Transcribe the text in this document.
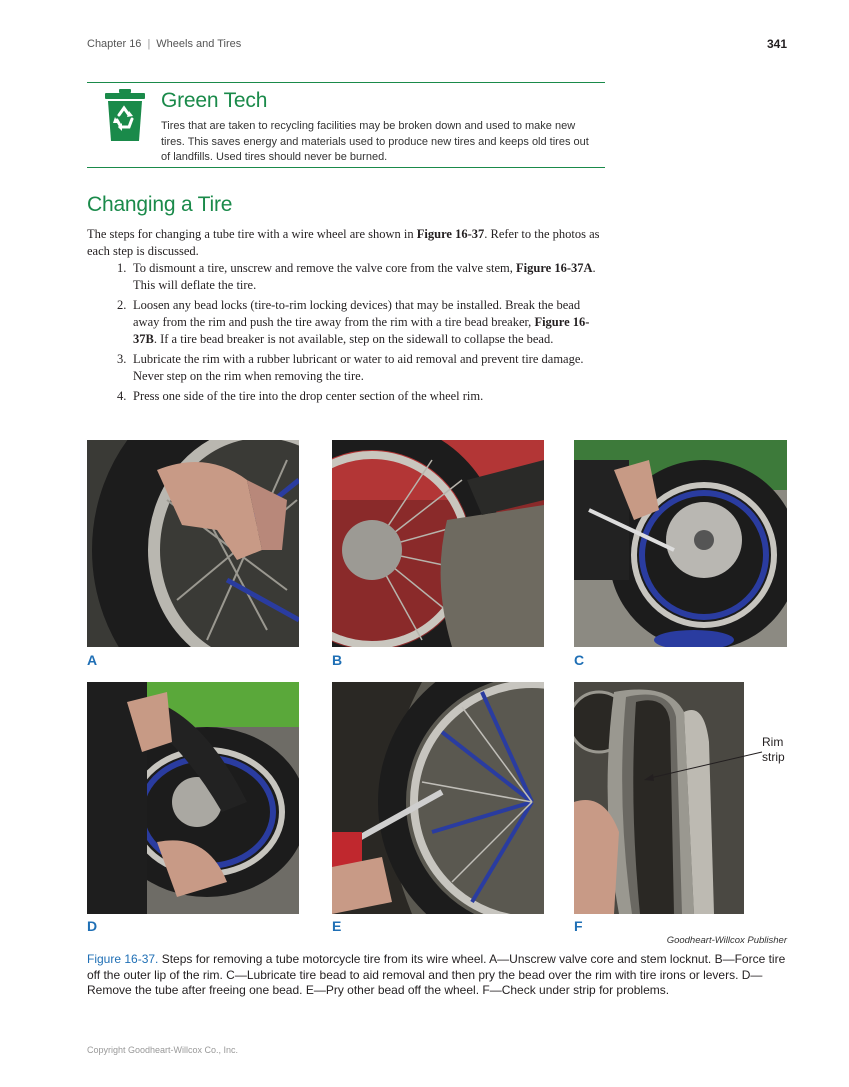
Chapter 16 | Wheels and Tires	341
Green Tech
Tires that are taken to recycling facilities may be broken down and used to make new tires. This saves energy and materials used to produce new tires and keeps old tires out of landfills. Used tires should never be burned.
Changing a Tire
The steps for changing a tube tire with a wire wheel are shown in Figure 16-37. Refer to the photos as each step is discussed.
1. To dismount a tire, unscrew and remove the valve core from the valve stem, Figure 16-37A. This will deflate the tire.
2. Loosen any bead locks (tire-to-rim locking devices) that may be installed. Break the bead away from the rim and push the tire away from the rim with a tire bead breaker, Figure 16-37B. If a tire bead breaker is not available, step on the sidewall to collapse the bead.
3. Lubricate the rim with a rubber lubricant or water to aid removal and prevent tire damage. Never step on the rim when removing the tire.
4. Press one side of the tire into the drop center section of the wheel rim.
A	B	C
D	E	F
Rim
strip
Goodheart-Willcox Publisher
Figure 16-37. Steps for removing a tube motorcycle tire from its wire wheel. A—Unscrew valve core and stem locknut. B—Force tire off the outer lip of the rim. C—Lubricate tire bead to aid removal and then pry the bead over the rim with tire irons or levers. D—Remove the tube after freeing one bead. E—Pry other bead off the wheel. F—Check under strip for problems.
Copyright Goodheart-Willcox Co., Inc.
